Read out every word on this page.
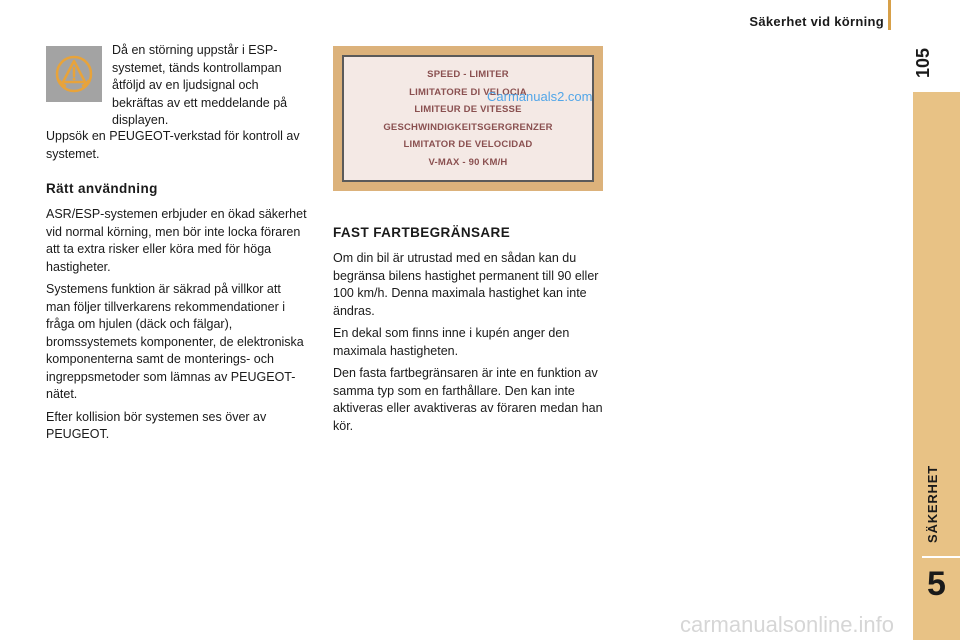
Säkerhet vid körning
105
SÄKERHET
5

Då en störning uppstår i ESP-systemet, tänds kontrollampan åtföljd av en ljudsignal och bekräftas av ett meddelande på displayen.

Uppsök en PEUGEOT-verkstad för kontroll av systemet.

Rätt användning

ASR/ESP-systemen erbjuder en ökad säkerhet vid normal körning, men bör inte locka föraren att ta extra risker eller köra med för höga hastigheter.

Systemens funktion är säkrad på villkor att man följer tillverkarens rekommendationer i fråga om hjulen (däck och fälgar), bromssystemets komponenter, de elektroniska komponenterna samt de monterings- och ingreppsmetoder som lämnas av PEUGEOT-nätet.

Efter kollision bör systemen ses över av PEUGEOT.

SPEED - LIMITER
LIMITATORE DI VELOCIA
LIMITEUR DE VITESSE
GESCHWINDIGKEITSGERGRENZER
LIMITATOR DE VELOCIDAD
V-MAX - 90 KM/H
Carmanuals2.com
FAST FARTBEGRÄNSARE

Om din bil är utrustad med en sådan kan du begränsa bilens hastighet permanent till 90 eller 100 km/h. Denna maximala hastighet kan inte ändras.

En dekal som finns inne i kupén anger den maximala hastigheten.

Den fasta fartbegränsaren är inte en funktion av samma typ som en farthållare. Den kan inte aktiveras eller avaktiveras av föraren medan han kör.

carmanualsonline.info
